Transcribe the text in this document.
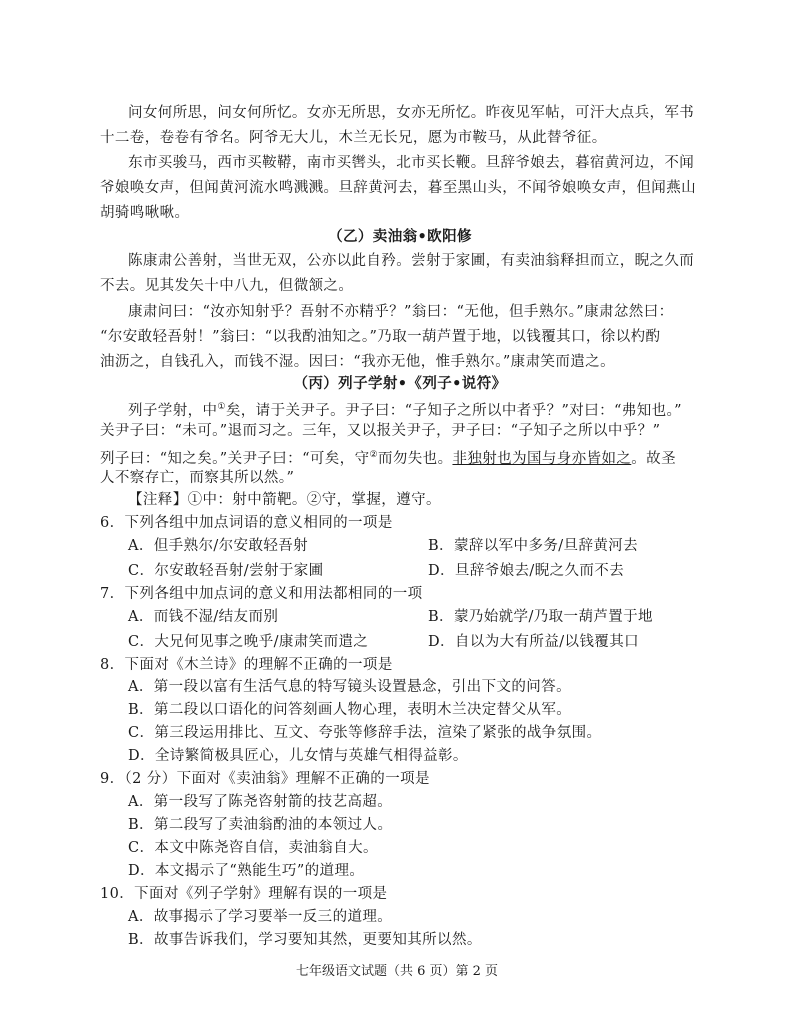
问女何所思，问女何所忆。女亦无所思，女亦无所忆。昨夜见军帖，可汗大点兵，军书
十二卷，卷卷有爷名。阿爷无大儿，木兰无长兄，愿为市鞍马，从此替爷征。
东市买骏马，西市买鞍鞯，南市买辔头，北市买长鞭。旦辞爷娘去，暮宿黄河边，不闻
爷娘唤女声，但闻黄河流水鸣溅溅。旦辞黄河去，暮至黑山头，不闻爷娘唤女声，但闻燕山
胡骑鸣啾啾。
（乙）卖油翁•欧阳修
陈康肃公善射，当世无双，公亦以此自矜。尝射于家圃，有卖油翁释担而立，睨之久而
不去。见其发矢十中八九，但微颔之。
康肃问曰：“汝亦知射乎？吾射不亦精乎？”翁曰：“无他，但手熟尔。”康肃忿然曰：
“尔安敢轻吾射！”翁曰：“以我酌油知之。”乃取一葫芦置于地，以钱覆其口，徐以杓酌
油沥之，自钱孔入，而钱不湿。因曰：“我亦无他，惟手熟尔。”康肃笑而遣之。
（丙）列子学射•《列子•说符》
列子学射，中①矣，请于关尹子。尹子曰：“子知子之所以中者乎？”对曰：“弗知也。”
关尹子曰：“未可。”退而习之。三年，又以报关尹子，尹子曰：“子知子之所以中乎？”
列子曰：“知之矣。”关尹子曰：“可矣，守②而勿失也。非独射也为国与身亦皆如之。故圣
人不察存亡，而察其所以然。”
【注释】①中：射中箭靶。②守，掌握，遵守。
6．下列各组中加点词语的意义相同的一项是
A．但手熟尔/尔安敢轻吾射	B．蒙辞以军中多务/旦辞黄河去
C．尔安敢轻吾射/尝射于家圃	D．旦辞爷娘去/睨之久而不去
7．下列各组中加点词的意义和用法都相同的一项
A．而钱不湿/结友而别	B．蒙乃始就学/乃取一葫芦置于地
C．大兄何见事之晚乎/康肃笑而遣之	D．自以为大有所益/以钱覆其口
8．下面对《木兰诗》的理解不正确的一项是
A．第一段以富有生活气息的特写镜头设置悬念，引出下文的问答。
B．第二段以口语化的问答刻画人物心理，表明木兰决定替父从军。
C．第三段运用排比、互文、夸张等修辞手法，渲染了紧张的战争氛围。
D．全诗繁简极具匠心，儿女情与英雄气相得益彰。
9．（2 分）下面对《卖油翁》理解不正确的一项是
A．第一段写了陈尧咨射箭的技艺高超。
B．第二段写了卖油翁酌油的本领过人。
C．本文中陈尧咨自信，卖油翁自大。
D．本文揭示了“熟能生巧”的道理。
10．下面对《列子学射》理解有误的一项是
A．故事揭示了学习要举一反三的道理。
B．故事告诉我们，学习要知其然，更要知其所以然。
七年级语文试题（共 6 页）第 2 页
